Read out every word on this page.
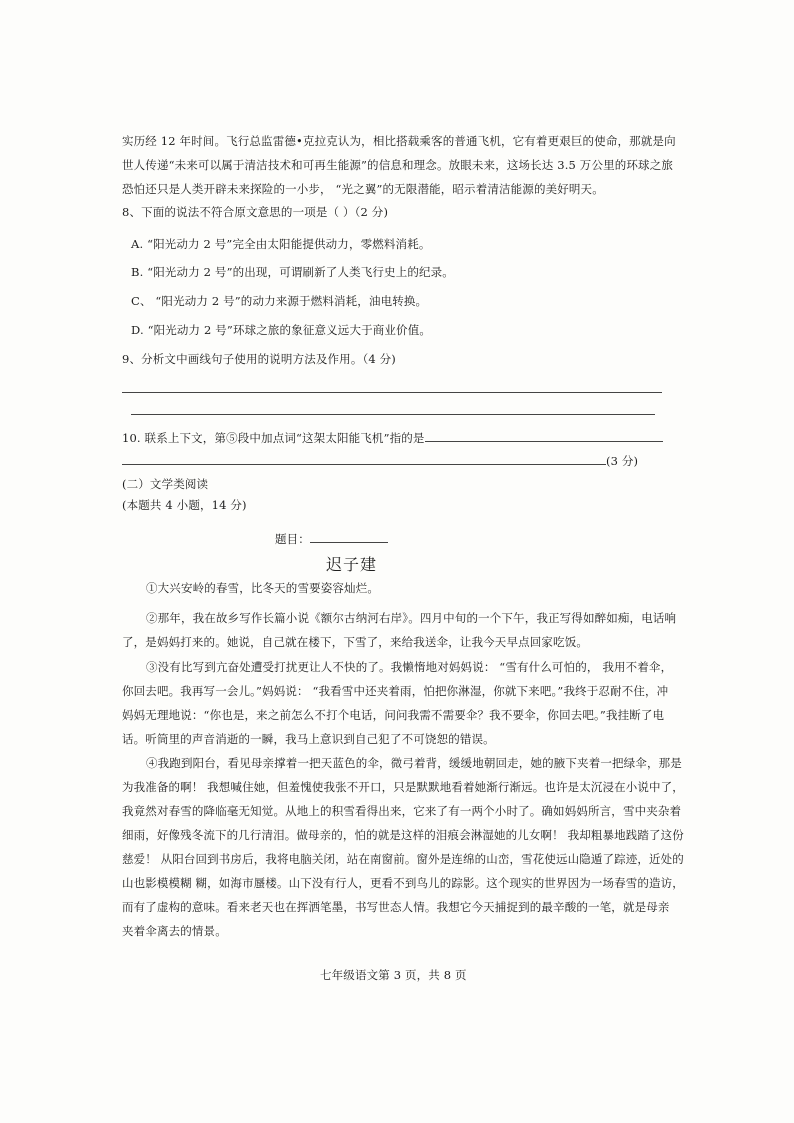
实历经 12 年时间。飞行总监雷德•克拉克认为，相比搭载乘客的普通飞机，它有着更艰巨的使命，那就是向
世人传递“未来可以属于清洁技术和可再生能源”的信息和理念。放眼未来，这场长达 3.5 万公里的环球之旅
恐怕还只是人类开辟未来探险的一小步， “光之翼”的无限潜能，昭示着清洁能源的美好明天。
8、下面的说法不符合原文意思的一项是（ ）（2 分)
A. “阳光动力 2 号”完全由太阳能提供动力，零燃料消耗。
B. “阳光动力 2 号”的出现，可谓刷新了人类飞行史上的纪录。
C、 “阳光动力 2 号”的动力来源于燃料消耗，油电转换。
D. “阳光动力 2 号”环球之旅的象征意义远大于商业价值。
9、分析文中画线句子使用的说明方法及作用。（4 分)
10. 联系上下文，第⑤段中加点词“这架太阳能飞机”指的是
(3 分)
(二）文学类阅读
(本题共 4 小题，14 分)
题目：
迟子建
①大兴安岭的春雪，比冬天的雪要姿容灿烂。
②那年，我在故乡写作长篇小说《额尔古纳河右岸》。四月中旬的一个下午，我正写得如醉如痴，电话响
了，是妈妈打来的。她说，自己就在楼下，下雪了，来给我送伞，让我今天早点回家吃饭。
③没有比写到亢奋处遭受打扰更让人不快的了。我懒惰地对妈妈说： “雪有什么可怕的， 我用不着伞，
你回去吧。我再写一会儿。”妈妈说： “我看雪中还夹着雨，怕把你淋湿，你就下来吧。”我终于忍耐不住，冲
妈妈无理地说：“你也是，来之前怎么不打个电话，问问我需不需要伞？我不要伞，你回去吧。”我挂断了电
话。听筒里的声音消逝的一瞬，我马上意识到自己犯了不可饶恕的错误。
④我跑到阳台，看见母亲撑着一把天蓝色的伞，微弓着背，缓缓地朝回走，她的腋下夹着一把绿伞，那是
为我准备的啊！ 我想喊住她，但羞愧使我张不开口，只是默默地看着她渐行渐远。也许是太沉浸在小说中了，
我竟然对春雪的降临毫无知觉。从地上的积雪看得出来，它来了有一两个小时了。确如妈妈所言，雪中夹杂着
细雨，好像残冬流下的几行清泪。做母亲的，怕的就是这样的泪痕会淋湿她的儿女啊！ 我却粗暴地践踏了这份
慈爱！ 从阳台回到书房后，我将电脑关闭，站在南窗前。窗外是连绵的山峦，雪花使远山隐遁了踪迹，近处的
山也影模模糊 糊，如海市蜃楼。山下没有行人，更看不到鸟儿的踪影。这个现实的世界因为一场春雪的造访，
而有了虚构的意味。看来老天也在挥洒笔墨，书写世态人情。我想它今天捕捉到的最辛酸的一笔，就是母亲
夹着伞离去的情景。
七年级语文第 3 页，共 8 页
